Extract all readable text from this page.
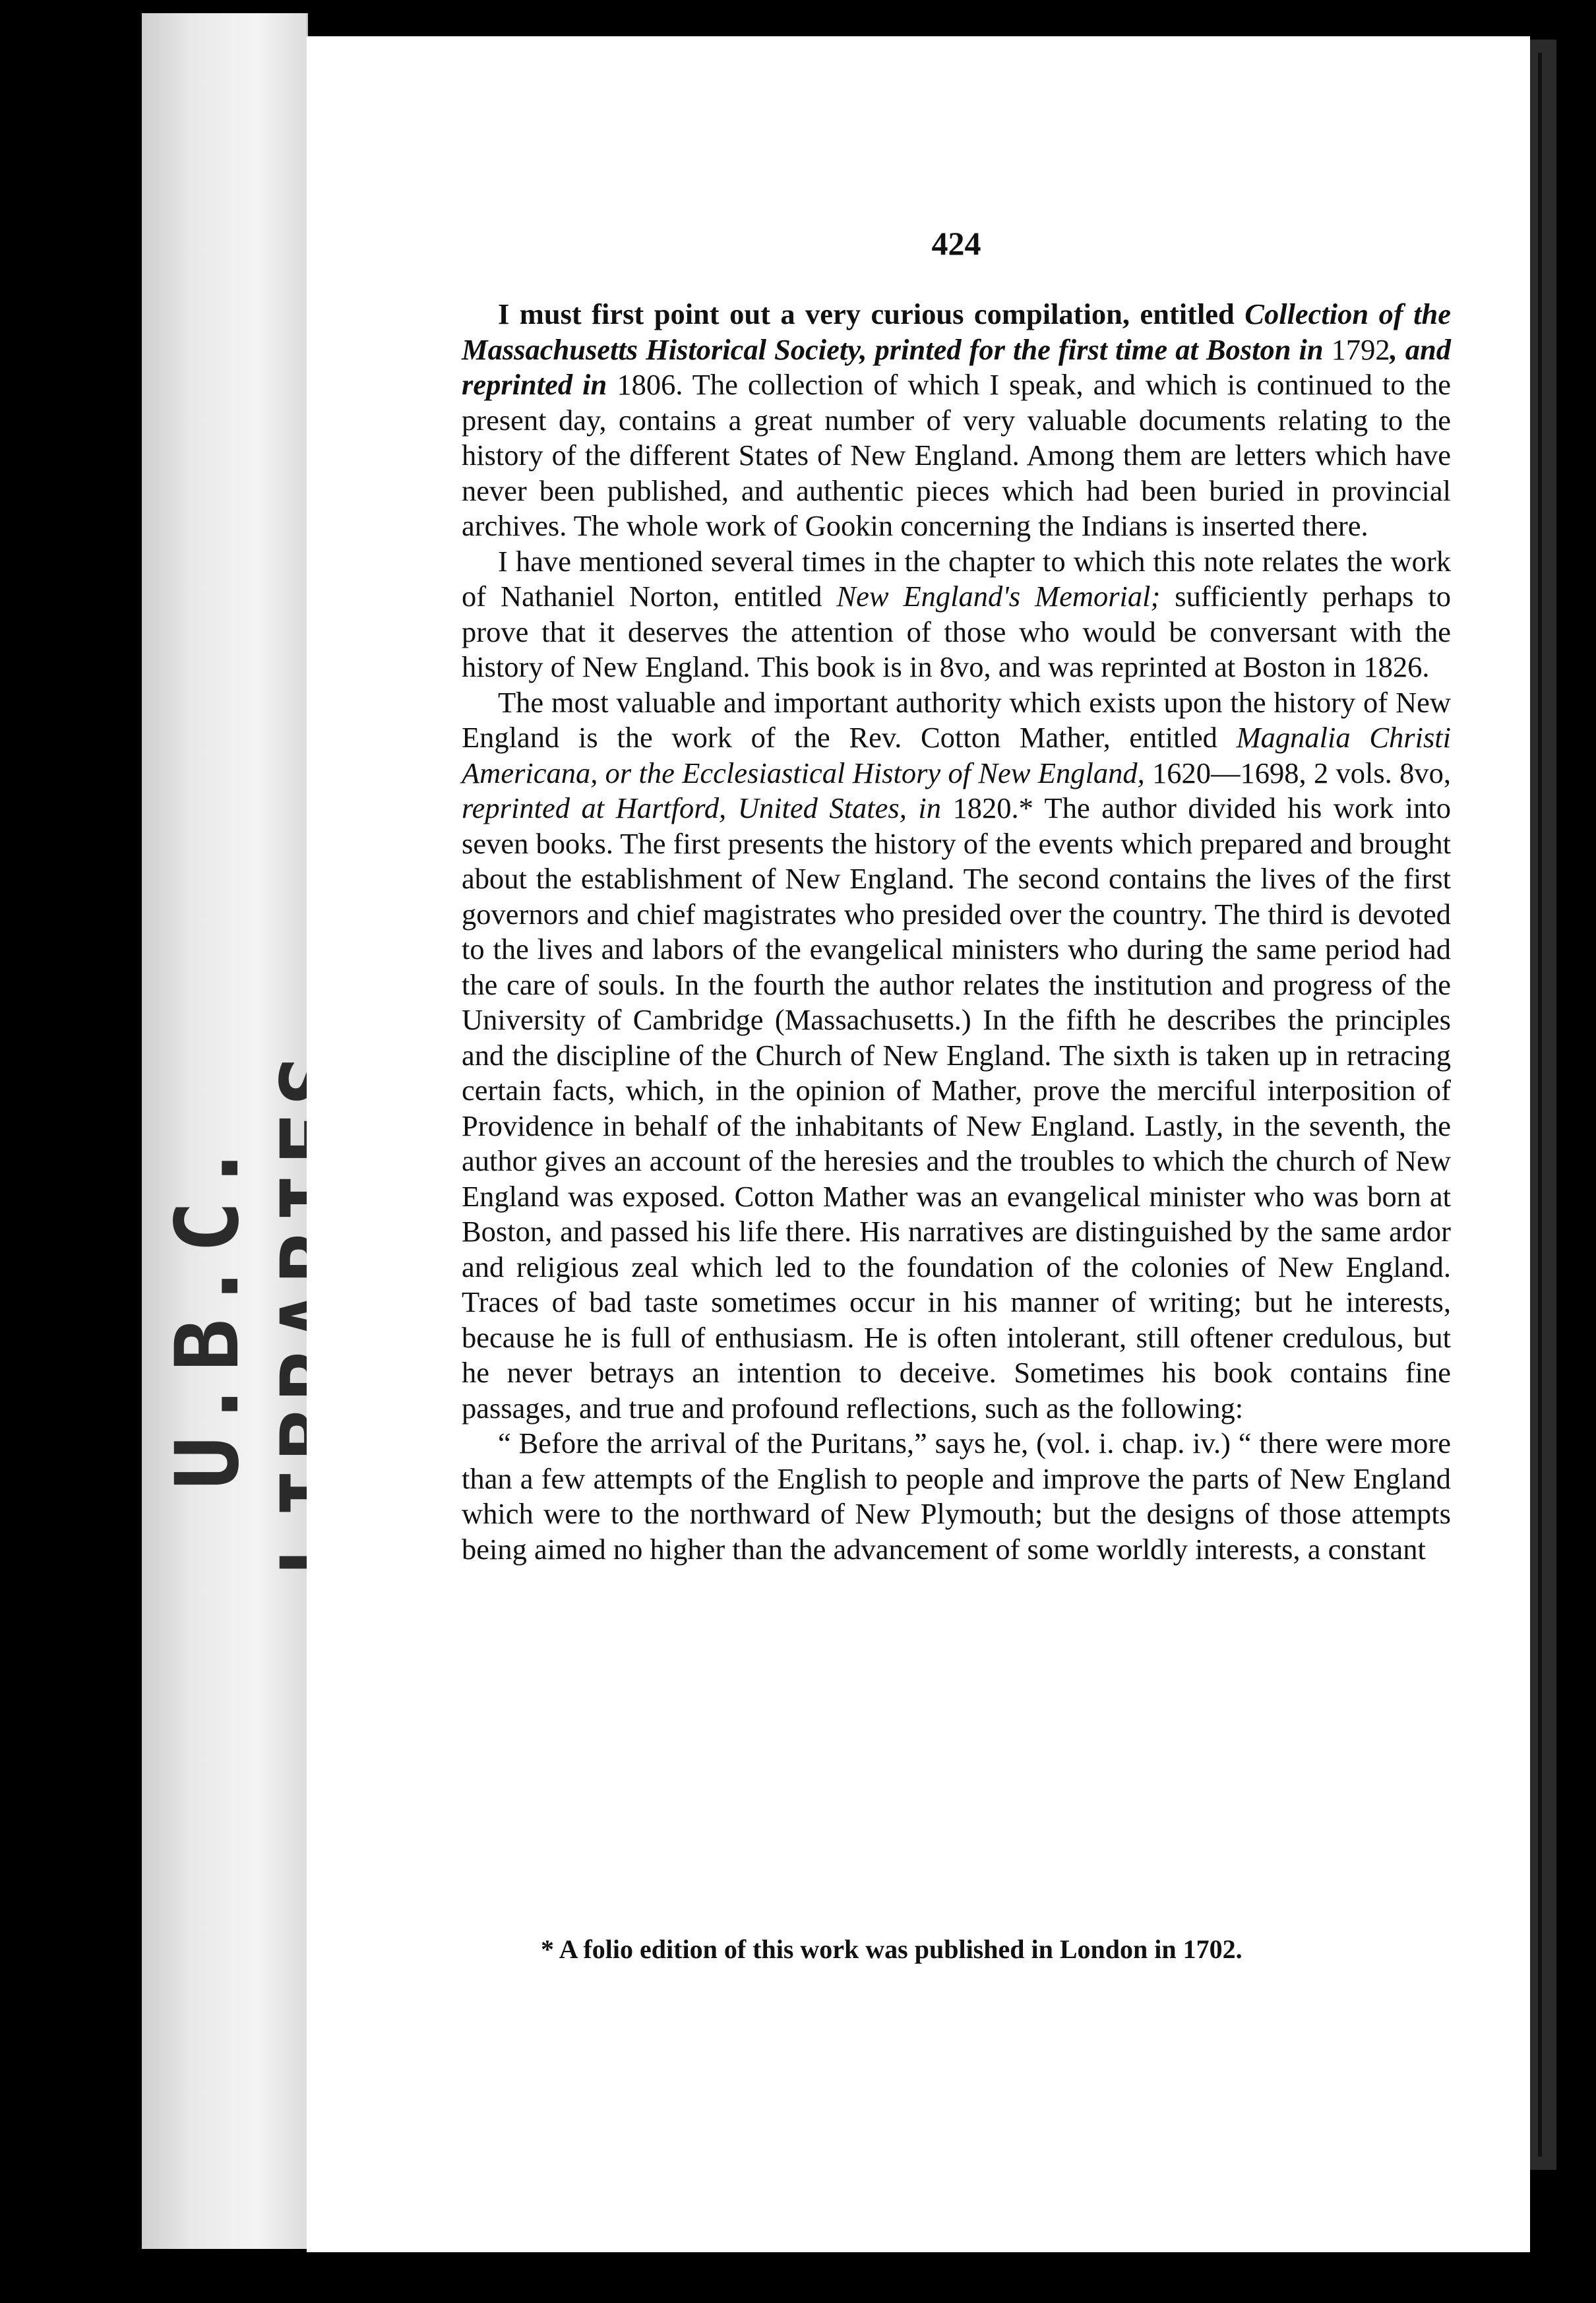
U.B.C.
424

I must first point out a very curious compilation, entitled Collection of the Massachusetts Historical Society, printed for the first time at Boston in 1792, and reprinted in 1806. The collection of which I speak, and which is continued to the present day, contains a great number of very valuable documents relating to the history of the different States of New England. Among them are letters which have never been published, and authentic pieces which had been buried in provincial archives. The whole work of Gookin concerning the Indians is inserted there.

I have mentioned several times in the chapter to which this note relates the work of Nathaniel Norton, entitled New England's Memorial; sufficiently perhaps to prove that it deserves the attention of those who would be conversant with the history of New England. This book is in 8vo, and was reprinted at Boston in 1826.

The most valuable and important authority which exists upon the history of New England is the work of the Rev. Cotton Mather, entitled Magnalia Christi Americana, or the Ecclesiastical History of New England, 1620—1698, 2 vols. 8vo, reprinted at Hartford, United States, in 1820.* The author divided his work into seven books. The first presents the history of the events which prepared and brought about the establishment of New England. The second contains the lives of the first governors and chief magistrates who presided over the country. The third is devoted to the lives and labors of the evangelical ministers who during the same period had the care of souls. In the fourth the author relates the institution and progress of the University of Cambridge (Massachusetts.) In the fifth he describes the principles and the discipline of the Church of New England. The sixth is taken up in retracing certain facts, which, in the opinion of Mather, prove the merciful interposition of Providence in behalf of the inhabitants of New England. Lastly, in the seventh, the author gives an account of the heresies and the troubles to which the church of New England was exposed. Cotton Mather was an evangelical minister who was born at Boston, and passed his life there. His narratives are distinguished by the same ardor and religious zeal which led to the foundation of the colonies of New England. Traces of bad taste sometimes occur in his manner of writing; but he interests, because he is full of enthusiasm. He is often intolerant, still oftener credulous, but he never betrays an intention to deceive. Sometimes his book contains fine passages, and true and profound reflections, such as the following:

“ Before the arrival of the Puritans,” says he, (vol. i. chap. iv.) “ there were more than a few attempts of the English to people and improve the parts of New England which were to the northward of New Plymouth; but the designs of those attempts being aimed no higher than the advancement of some worldly interests, a constant

* A folio edition of this work was published in London in 1702.
